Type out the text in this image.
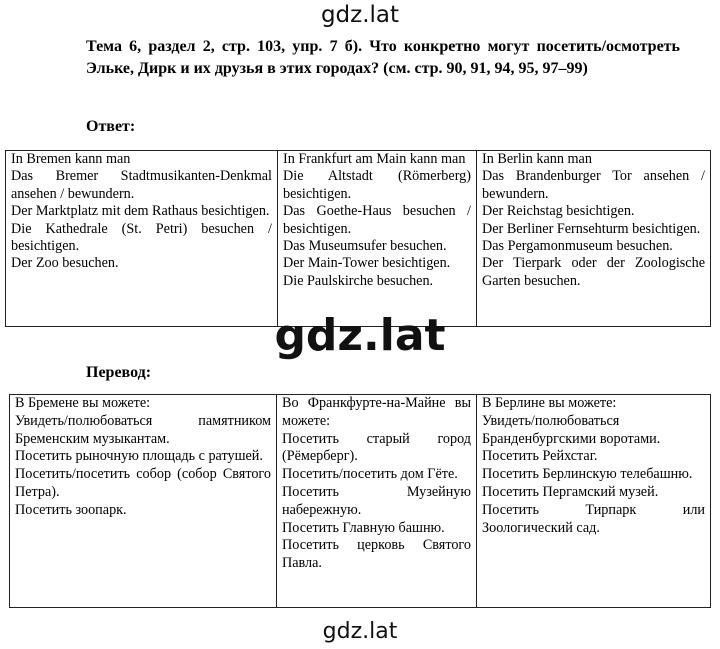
gdz.lat
Тема 6, раздел 2, стр. 103, упр. 7 б). Что конкретно могут посетить/осмотреть Эльке, Дирк и их друзья в этих городах? (см. стр. 90, 91, 94, 95, 97–99)
Ответ:
In Bremen kann man
Das Bremer Stadtmusikanten-Denkmal ansehen / bewundern.
Der Marktplatz mit dem Rathaus besichtigen.
Die Kathedrale (St. Petri) besuchen / besichtigen.
Der Zoo besuchen.

In Frankfurt am Main kann man
Die Altstadt (Römerberg) besichtigen.
Das Goethe-Haus besuchen / besichtigen.
Das Museumsufer besuchen.
Der Main-Tower besichtigen.
Die Paulskirche besuchen.

In Berlin kann man
Das Brandenburger Tor ansehen / bewundern.
Der Reichstag besichtigen.
Der Berliner Fernsehturm besichtigen.
Das Pergamonmuseum besuchen.
Der Tierpark oder der Zoologische Garten besuchen.
gdz.lat
Перевод:
В Бремене вы можете:
Увидеть/полюбоваться памятником Бременским музыкантам.
Посетить рыночную площадь с ратушей.
Посетить/посетить собор (собор Святого Петра).
Посетить зоопарк.

Во Франкфурте-на-Майне вы можете:
Посетить старый город (Рёмерберг).
Посетить/посетить дом Гёте.
Посетить Музейную набережную.
Посетить Главную башню.
Посетить церковь Святого Павла.

В Берлине вы можете:
Увидеть/полюбоваться Бранденбургскими воротами.
Посетить Рейхстаг.
Посетить Берлинскую телебашню.
Посетить Пергамский музей.
Посетить Тирпарк или Зоологический сад.
gdz.lat
